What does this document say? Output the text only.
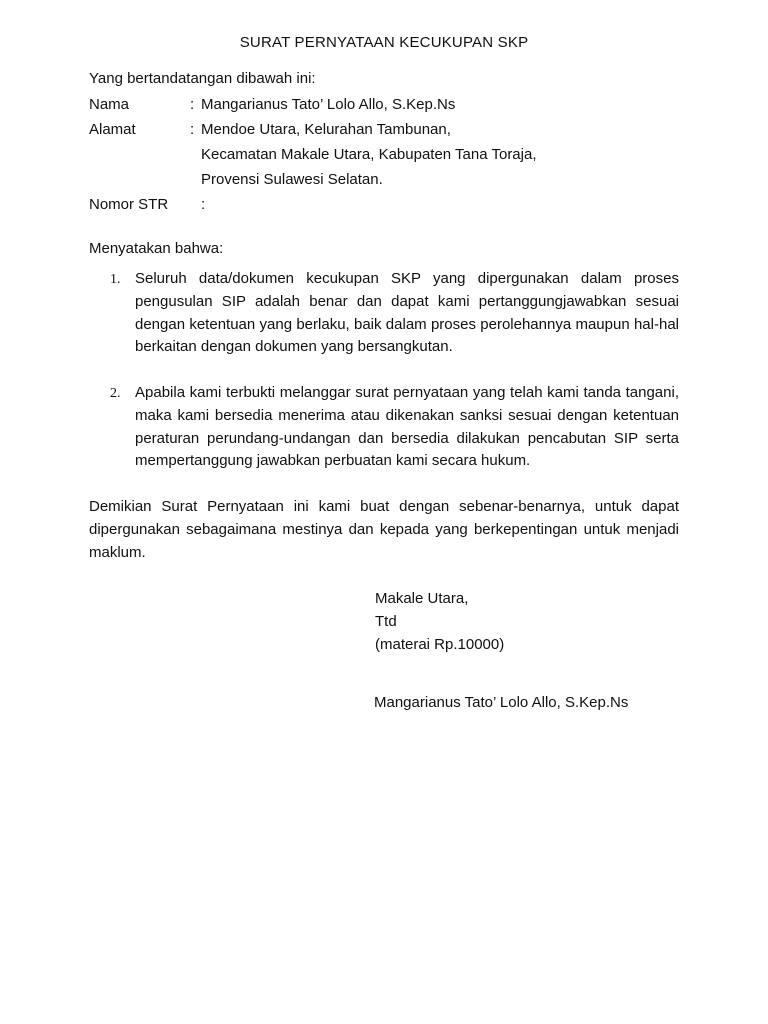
SURAT PERNYATAAN KECUKUPAN SKP
Yang bertandatangan dibawah ini:
Nama	: Mangarianus Tato’ Lolo Allo, S.Kep.Ns
Alamat	: Mendoe Utara, Kelurahan Tambunan,
Kecamatan Makale Utara, Kabupaten Tana Toraja,
Provensi Sulawesi Selatan.
Nomor STR :
Menyatakan bahwa:
1. Seluruh data/dokumen kecukupan SKP yang dipergunakan dalam proses pengusulan SIP adalah benar dan dapat kami pertanggungjawabkan sesuai dengan ketentuan yang berlaku, baik dalam proses perolehannya maupun hal-hal berkaitan dengan dokumen yang bersangkutan.
2. Apabila kami terbukti melanggar surat pernyataan yang telah kami tanda tangani, maka kami bersedia menerima atau dikenakan sanksi sesuai dengan ketentuan peraturan perundang-undangan dan bersedia dilakukan pencabutan SIP serta mempertanggung jawabkan perbuatan kami secara hukum.
Demikian Surat Pernyataan ini kami buat dengan sebenar-benarnya, untuk dapat dipergunakan sebagaimana mestinya dan kepada yang berkepentingan untuk menjadi maklum.
Makale Utara,
Ttd
(materai Rp.10000)
Mangarianus Tato’ Lolo Allo, S.Kep.Ns
